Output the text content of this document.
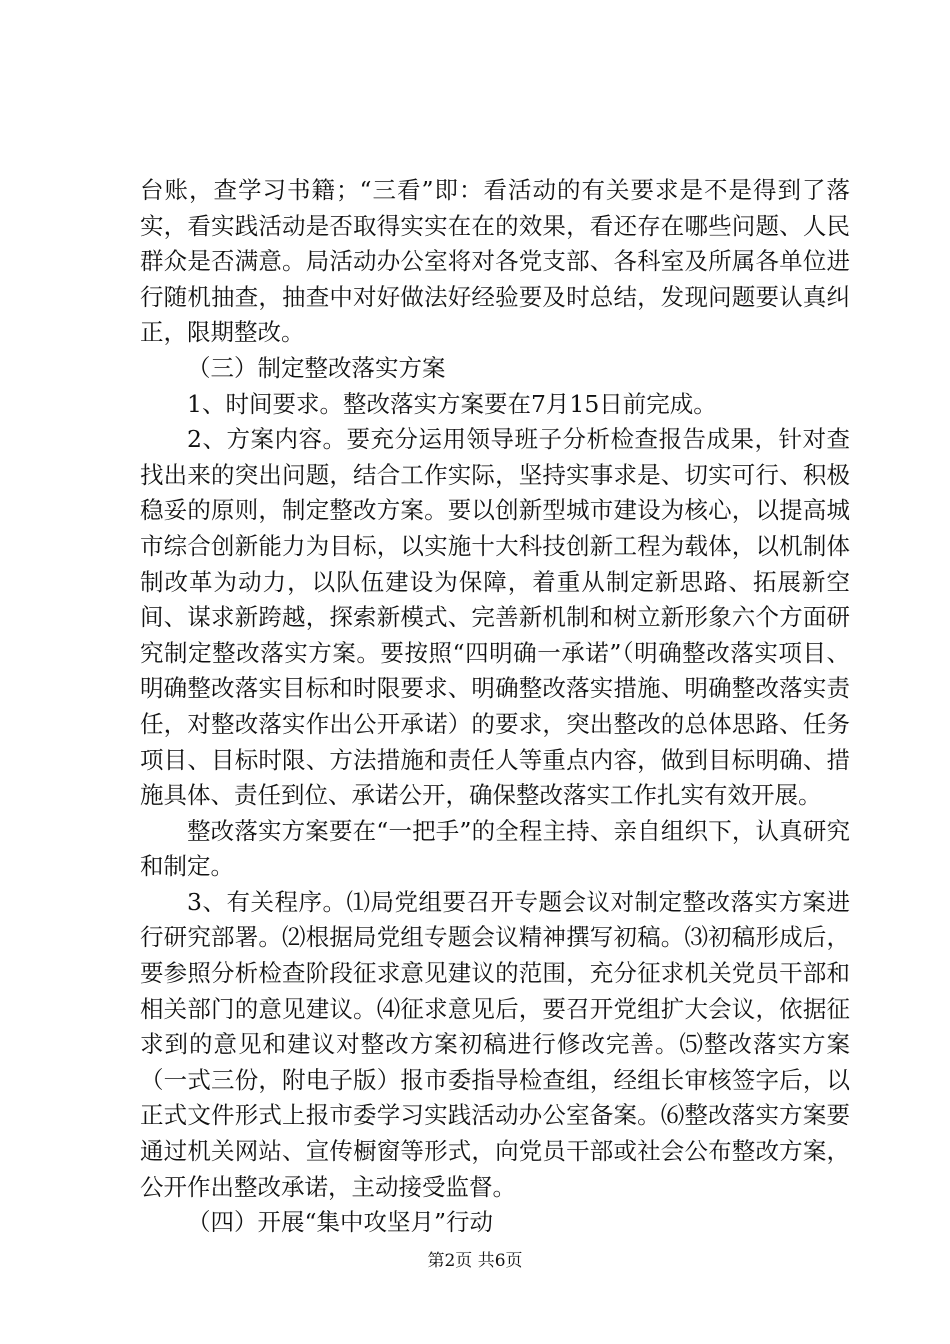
台账，查学习书籍；“三看”即：看活动的有关要求是不是得到了落实，看实践活动是否取得实实在在的效果，看还存在哪些问题、人民群众是否满意。局活动办公室将对各党支部、各科室及所属各单位进行随机抽查，抽查中对好做法好经验要及时总结，发现问题要认真纠正，限期整改。

（三）制定整改落实方案

1、时间要求。整改落实方案要在7月15日前完成。

2、方案内容。要充分运用领导班子分析检查报告成果，针对查找出来的突出问题，结合工作实际，坚持实事求是、切实可行、积极稳妥的原则，制定整改方案。要以创新型城市建设为核心，以提高城市综合创新能力为目标，以实施十大科技创新工程为载体，以机制体制改革为动力，以队伍建设为保障，着重从制定新思路、拓展新空间、谋求新跨越，探索新模式、完善新机制和树立新形象六个方面研究制定整改落实方案。要按照“四明确一承诺”（明确整改落实项目、明确整改落实目标和时限要求、明确整改落实措施、明确整改落实责任，对整改落实作出公开承诺）的要求，突出整改的总体思路、任务项目、目标时限、方法措施和责任人等重点内容，做到目标明确、措施具体、责任到位、承诺公开，确保整改落实工作扎实有效开展。

整改落实方案要在“一把手”的全程主持、亲自组织下，认真研究和制定。

3、有关程序。⑴局党组要召开专题会议对制定整改落实方案进行研究部署。⑵根据局党组专题会议精神撰写初稿。⑶初稿形成后，要参照分析检查阶段征求意见建议的范围，充分征求机关党员干部和相关部门的意见建议。⑷征求意见后，要召开党组扩大会议，依据征求到的意见和建议对整改方案初稿进行修改完善。⑸整改落实方案（一式三份，附电子版）报市委指导检查组，经组长审核签字后，以正式文件形式上报市委学习实践活动办公室备案。⑹整改落实方案要通过机关网站、宣传橱窗等形式，向党员干部或社会公布整改方案，公开作出整改承诺，主动接受监督。

（四）开展“集中攻坚月”行动

第2页 共6页
